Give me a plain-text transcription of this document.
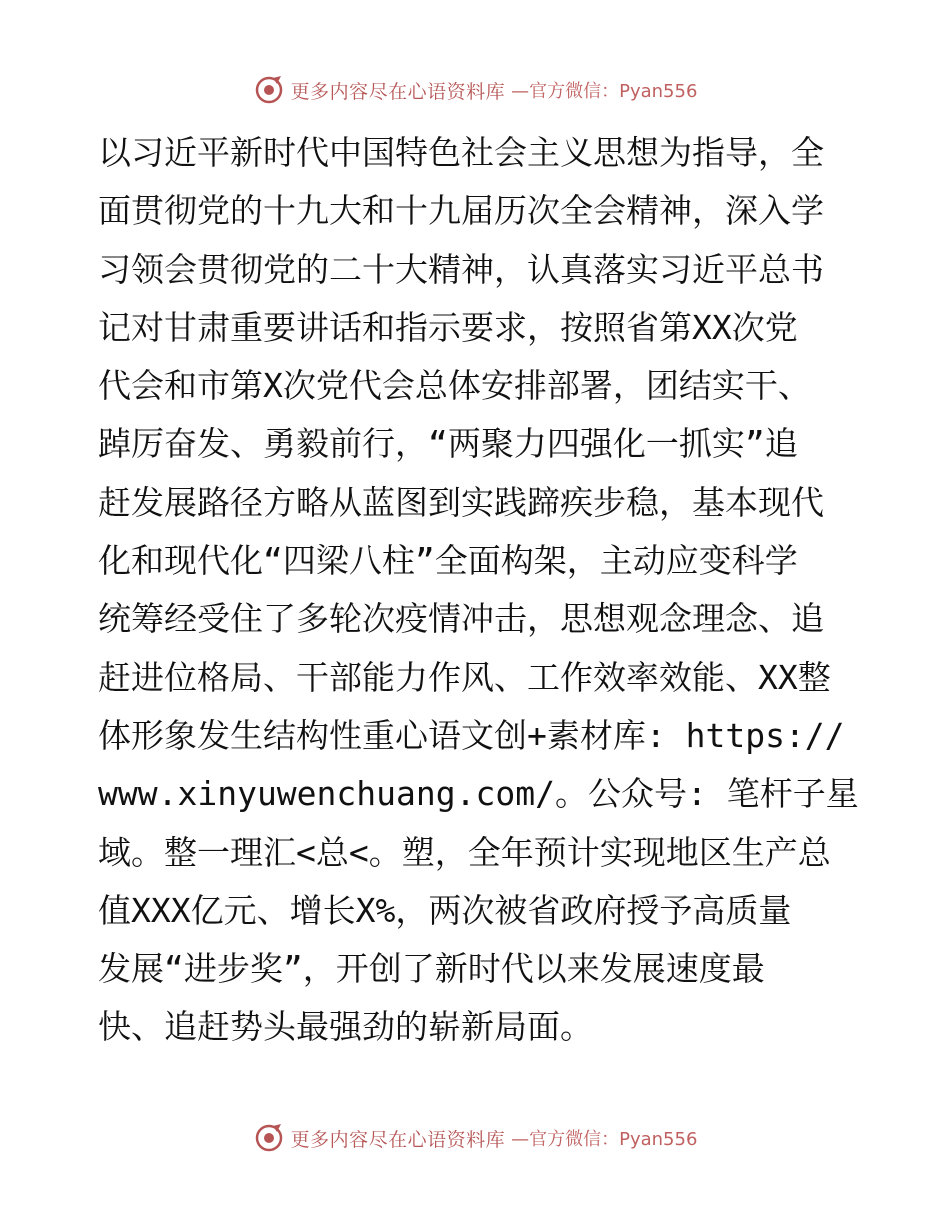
更多内容尽在心语资料库 —官方微信：Pyan556
以习近平新时代中国特色社会主义思想为指导，全
面贯彻党的十九大和十九届历次全会精神，深入学
习领会贯彻党的二十大精神，认真落实习近平总书
记对甘肃重要讲话和指示要求，按照省第XX次党
代会和市第X次党代会总体安排部署，团结实干、
踔厉奋发、勇毅前行，“两聚力四强化一抓实”追
赶发展路径方略从蓝图到实践蹄疾步稳，基本现代
化和现代化“四梁八柱”全面构架，主动应变科学
统筹经受住了多轮次疫情冲击，思想观念理念、追
赶进位格局、干部能力作风、工作效率效能、XX整
体形象发生结构性重心语文创+素材库: https://
www.xinyuwenchuang.com/。公众号: 笔杆子星
域。整一理汇<总<。塑，全年预计实现地区生产总
值XXX亿元、增长X%，两次被省政府授予高质量
发展“进步奖”，开创了新时代以来发展速度最
快、追赶势头最强劲的崭新局面。
更多内容尽在心语资料库 —官方微信：Pyan556
